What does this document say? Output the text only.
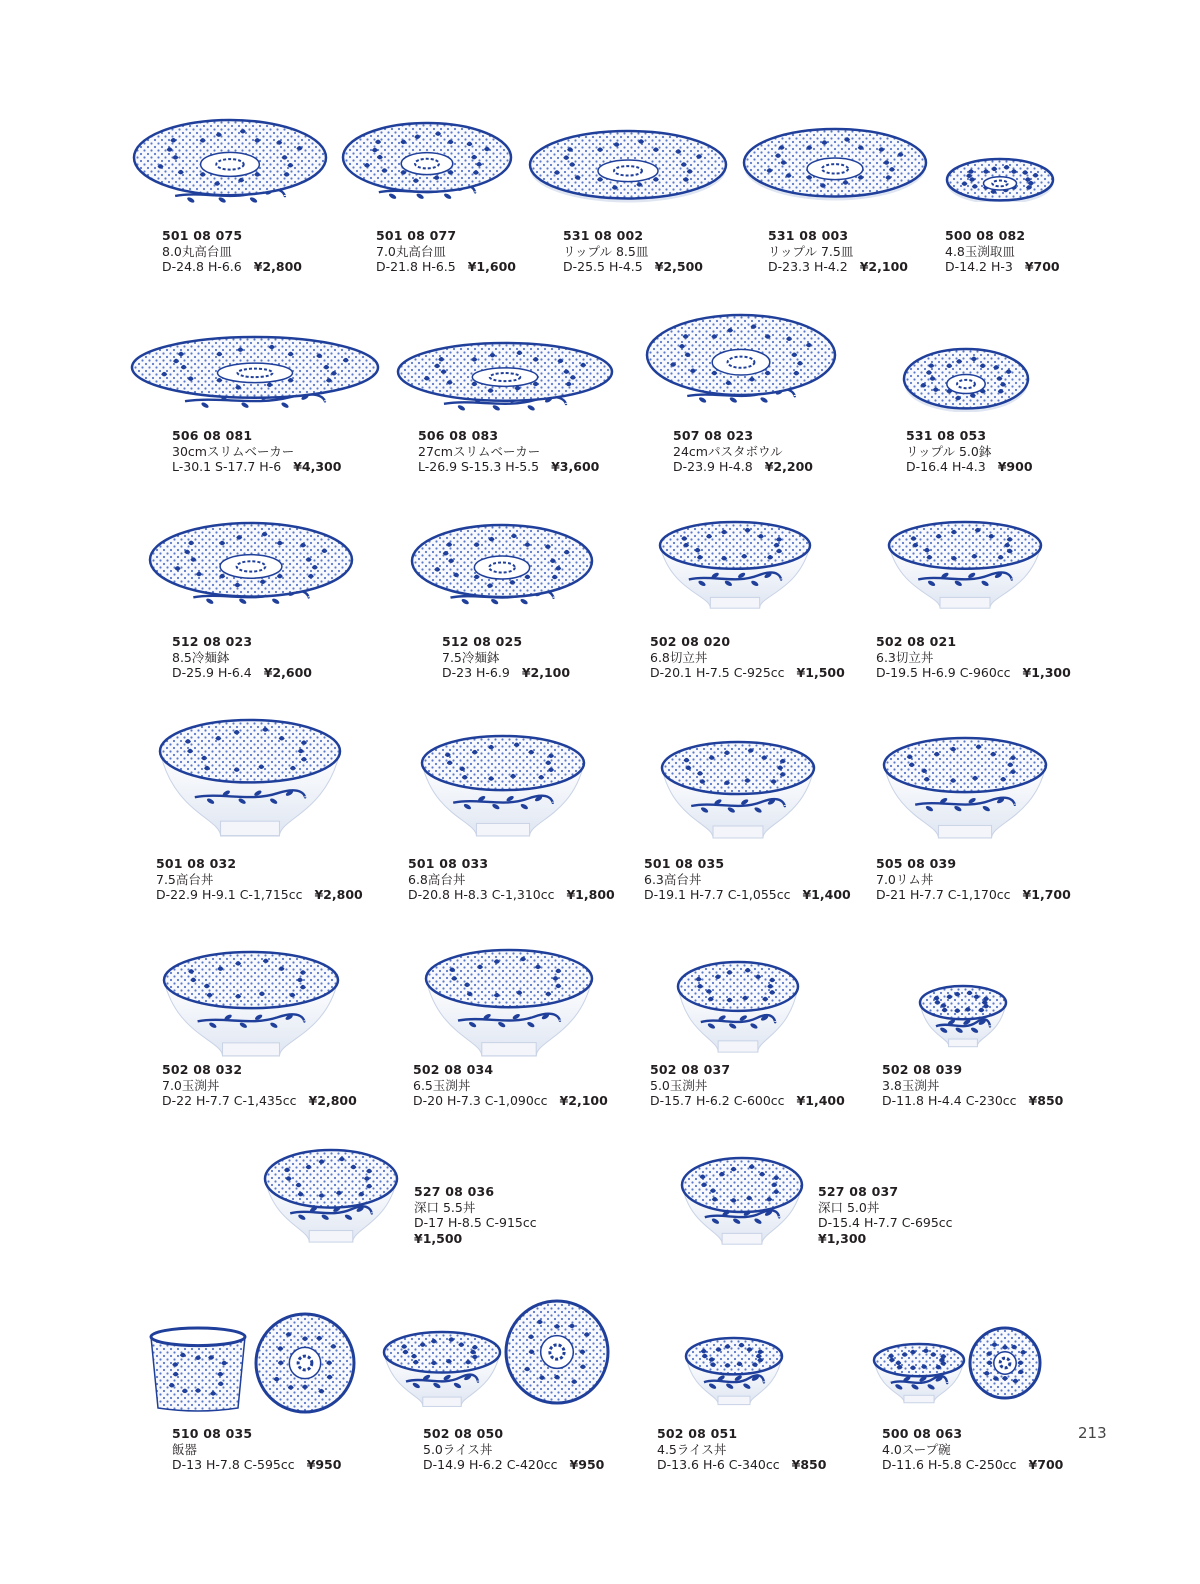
501 08 075
8.0丸高台皿
D-24.8 H-6.6 ¥2,800
501 08 077
7.0丸高台皿
D-21.8 H-6.5 ¥1,600
531 08 002
リップル 8.5皿
D-25.5 H-4.5 ¥2,500
531 08 003
リップル 7.5皿
D-23.3 H-4.2 ¥2,100
500 08 082
4.8玉渕取皿
D-14.2 H-3 ¥700
506 08 081
30cmスリムベーカー
L-30.1 S-17.7 H-6 ¥4,300
506 08 083
27cmスリムベーカー
L-26.9 S-15.3 H-5.5 ¥3,600
507 08 023
24cmパスタボウル
D-23.9 H-4.8 ¥2,200
531 08 053
リップル 5.0鉢
D-16.4 H-4.3 ¥900
512 08 023
8.5冷麺鉢
D-25.9 H-6.4 ¥2,600
512 08 025
7.5冷麺鉢
D-23 H-6.9 ¥2,100
502 08 020
6.8切立丼
D-20.1 H-7.5 C-925cc ¥1,500
502 08 021
6.3切立丼
D-19.5 H-6.9 C-960cc ¥1,300
501 08 032
7.5高台丼
D-22.9 H-9.1 C-1,715cc ¥2,800
501 08 033
6.8高台丼
D-20.8 H-8.3 C-1,310cc ¥1,800
501 08 035
6.3高台丼
D-19.1 H-7.7 C-1,055cc ¥1,400
505 08 039
7.0リム丼
D-21 H-7.7 C-1,170cc ¥1,700
502 08 032
7.0玉渕丼
D-22 H-7.7 C-1,435cc ¥2,800
502 08 034
6.5玉渕丼
D-20 H-7.3 C-1,090cc ¥2,100
502 08 037
5.0玉渕丼
D-15.7 H-6.2 C-600cc ¥1,400
502 08 039
3.8玉渕丼
D-11.8 H-4.4 C-230cc ¥850
527 08 036
深口 5.5丼
D-17 H-8.5 C-915cc
¥1,500
527 08 037
深口 5.0丼
D-15.4 H-7.7 C-695cc
¥1,300
510 08 035
飯器
D-13 H-7.8 C-595cc ¥950
502 08 050
5.0ライス丼
D-14.9 H-6.2 C-420cc ¥950
502 08 051
4.5ライス丼
D-13.6 H-6 C-340cc ¥850
500 08 063
4.0スープ碗
D-11.6 H-5.8 C-250cc ¥700
213
